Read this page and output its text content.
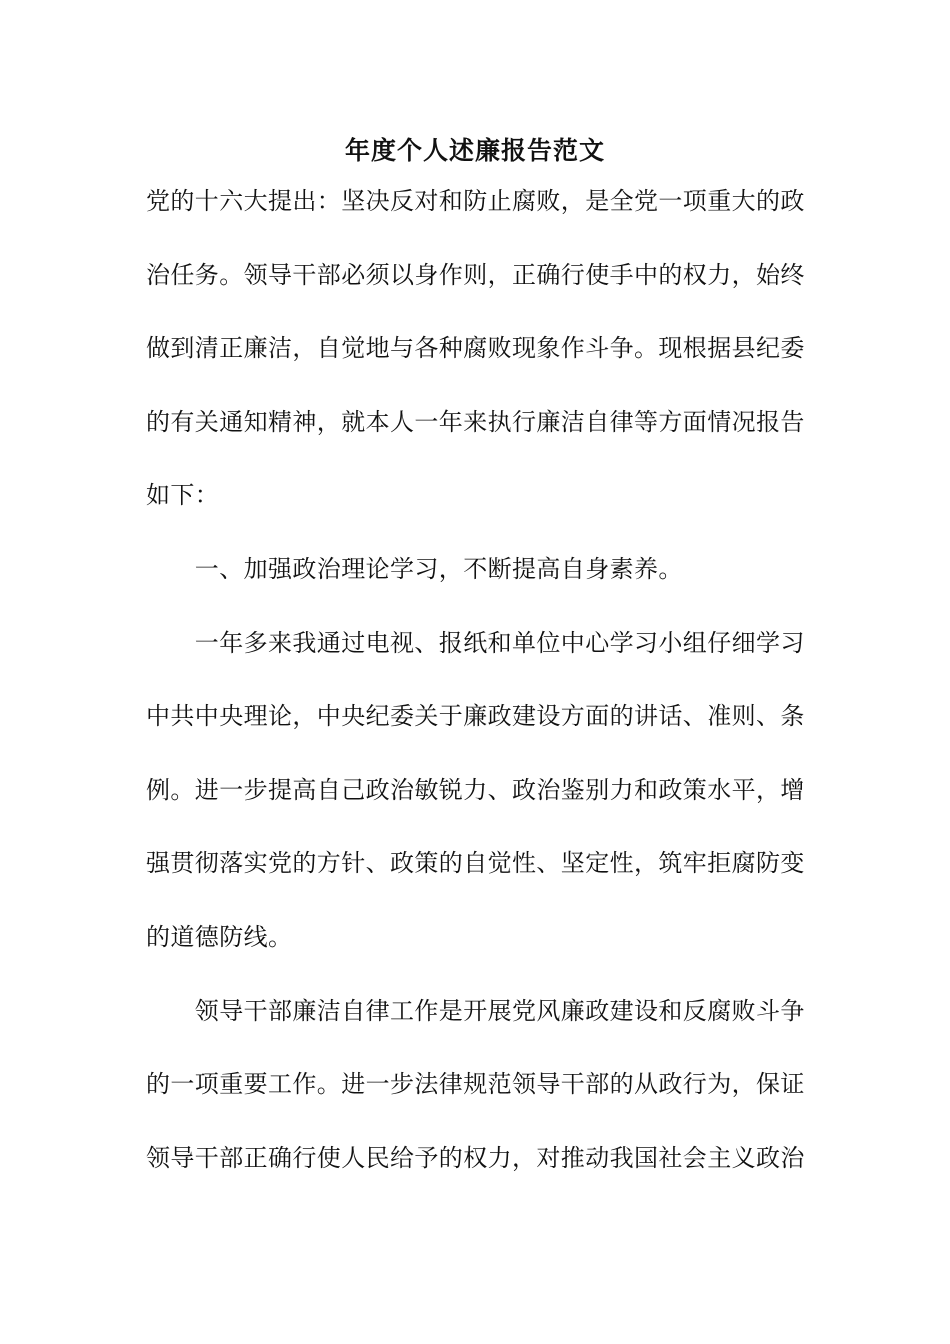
年度个人述廉报告范文
党的十六大提出：坚决反对和防止腐败，是全党一项重大的政
治任务。领导干部必须以身作则，正确行使手中的权力，始终
做到清正廉洁，自觉地与各种腐败现象作斗争。现根据县纪委
的有关通知精神，就本人一年来执行廉洁自律等方面情况报告
如下：
　　一、加强政治理论学习，不断提高自身素养。
　　一年多来我通过电视、报纸和单位中心学习小组仔细学习
中共中央理论，中央纪委关于廉政建设方面的讲话、准则、条
例。进一步提高自己政治敏锐力、政治鉴别力和政策水平，增
强贯彻落实党的方针、政策的自觉性、坚定性，筑牢拒腐防变
的道德防线。
　　领导干部廉洁自律工作是开展党风廉政建设和反腐败斗争
的一项重要工作。进一步法律规范领导干部的从政行为，保证
领导干部正确行使人民给予的权力，对推动我国社会主义政治
